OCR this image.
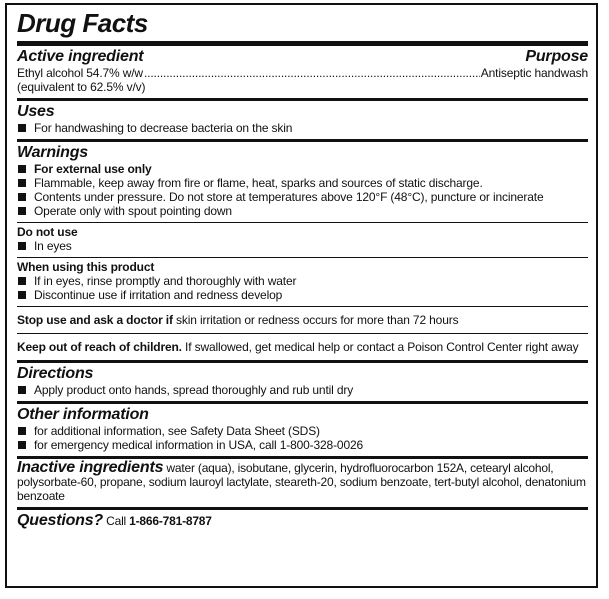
Drug Facts
Active ingredient	Purpose
Ethyl alcohol 54.7% w/w
.....	Antiseptic handwash
(equivalent to 62.5% v/v)
Uses
For handwashing to decrease bacteria on the skin
Warnings
For external use only
Flammable, keep away from fire or flame, heat, sparks and sources of static discharge.
Contents under pressure. Do not store at temperatures above 120°F (48°C), puncture or incinerate
Operate only with spout pointing down
Do not use
In eyes
When using this product
If in eyes, rinse promptly and thoroughly with water
Discontinue use if irritation and redness develop
Stop use and ask a doctor if skin irritation or redness occurs for more than 72 hours
Keep out of reach of children. If swallowed, get medical help or contact a Poison Control Center right away
Directions
Apply product onto hands, spread thoroughly and rub until dry
Other information
for additional information, see Safety Data Sheet (SDS)
for emergency medical information in USA, call 1-800-328-0026
Inactive ingredients water (aqua), isobutane, glycerin, hydrofluorocarbon 152A, cetearyl alcohol, polysorbate-60, propane, sodium lauroyl lactylate, steareth-20, sodium benzoate, tert-butyl alcohol, denatonium benzoate
Questions? Call 1-866-781-8787
